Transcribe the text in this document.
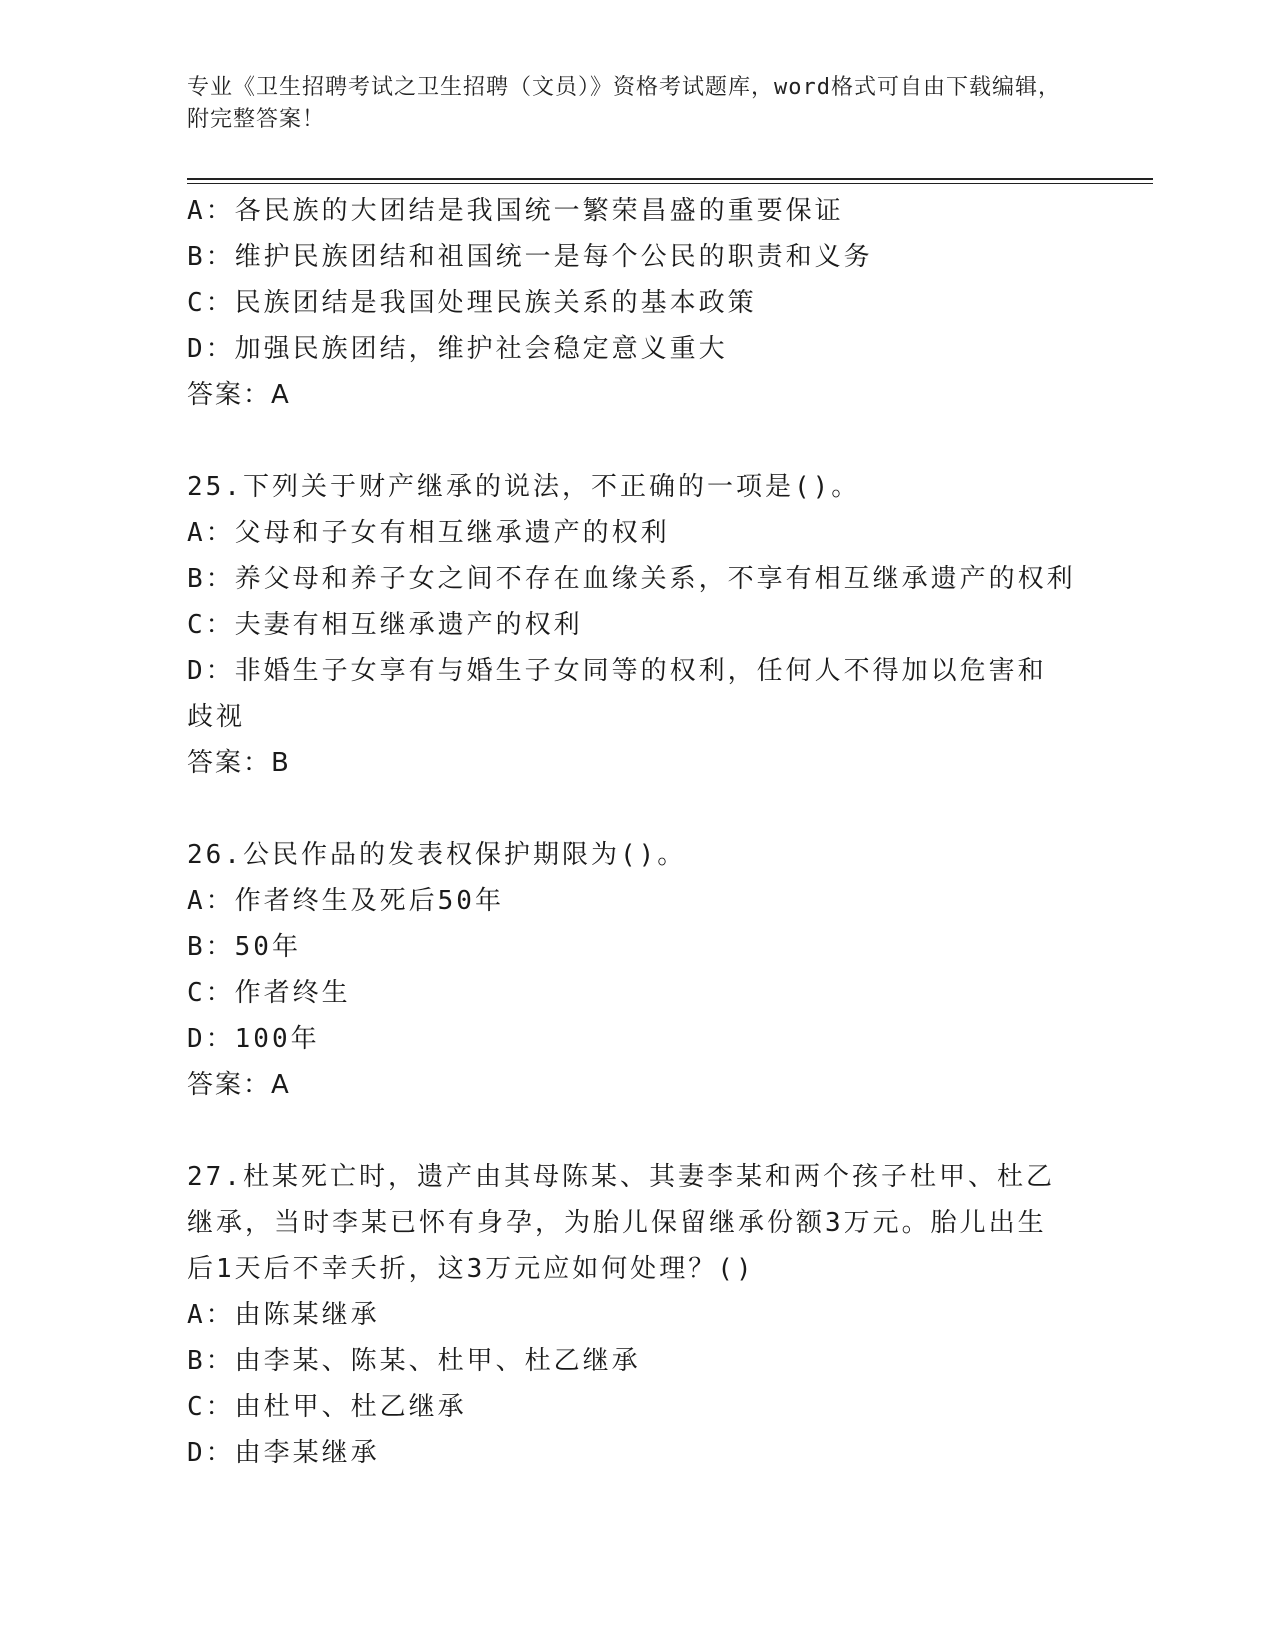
专业《卫生招聘考试之卫生招聘（文员）》资格考试题库，word格式可自由下载编辑，附完整答案！
A：各民族的大团结是我国统一繁荣昌盛的重要保证
B：维护民族团结和祖国统一是每个公民的职责和义务
C：民族团结是我国处理民族关系的基本政策
D：加强民族团结，维护社会稳定意义重大
答案：A
25.下列关于财产继承的说法，不正确的一项是()。
A：父母和子女有相互继承遗产的权利
B：养父母和养子女之间不存在血缘关系，不享有相互继承遗产的权利
C：夫妻有相互继承遗产的权利
D：非婚生子女享有与婚生子女同等的权利，任何人不得加以危害和歧视
答案：B
26.公民作品的发表权保护期限为()。
A：作者终生及死后50年
B：50年
C：作者终生
D：100年
答案：A
27.杜某死亡时，遗产由其母陈某、其妻李某和两个孩子杜甲、杜乙继承，当时李某已怀有身孕，为胎儿保留继承份额3万元。胎儿出生后1天后不幸夭折，这3万元应如何处理？()
A：由陈某继承
B：由李某、陈某、杜甲、杜乙继承
C：由杜甲、杜乙继承
D：由李某继承
